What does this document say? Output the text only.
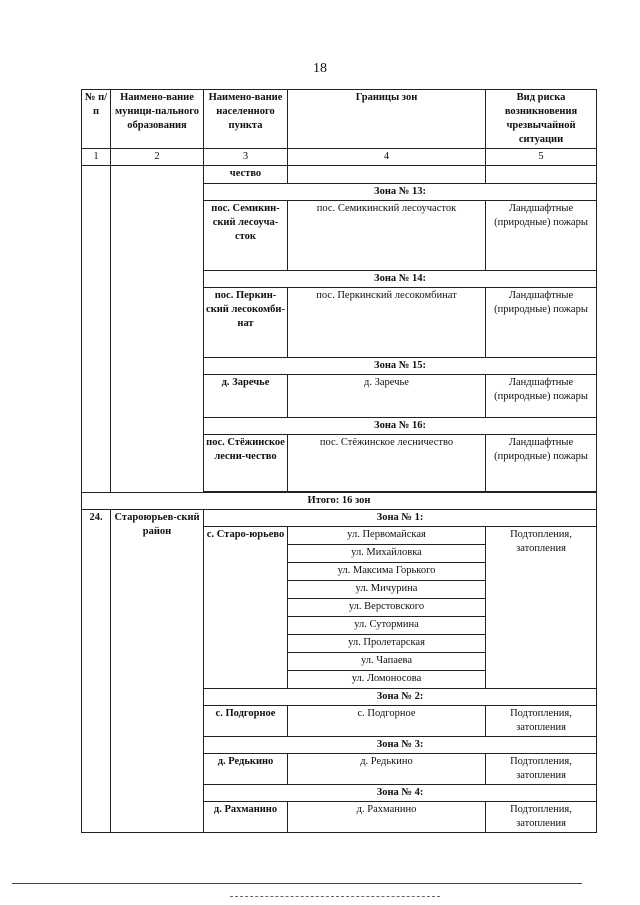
18
№ п/п	Наимено-вание муници-пального образования	Наимено-вание населенного пункта	Границы зон	Вид риска возникновения чрезвычайной ситуации
1	2	3	4	5
		чество		
		Зона № 13:		
		пос. Семикин-ский лесоуча-сток	пос. Семикинский лесоучасток	Ландшафтные (природные) пожары
		Зона № 14:		
		пос. Перкин-ский лесокомби-нат	пос. Перкинский лесокомбинат	Ландшафтные (природные) пожары
		Зона № 15:		
		д. Заречье	д. Заречье	Ландшафтные (природные) пожары
		Зона № 16:		
		пос. Стёжинское лесни-чество	пос. Стёжинское лесничество	Ландшафтные (природные) пожары

Итого: 16 зон				
24.	Староюрьев-ский район	Зона № 1:		
		с. Старо-юрьево	ул. Первомайская	Подтопления, затопления
			ул. Михайловка	
			ул. Максима Горького	
			ул. Мичурина	
			ул. Верстовского	
			ул. Сутормина	
			ул. Пролетарская	
			ул. Чапаева	
			ул. Ломоносова	
		Зона № 2:		
		с. Подгорное	с. Подгорное	Подтопления, затопления
		Зона № 3:		
		д. Редькино	д. Редькино	Подтопления, затопления
		Зона № 4:		
		д. Рахманино	д. Рахманино	Подтопления, затопления
